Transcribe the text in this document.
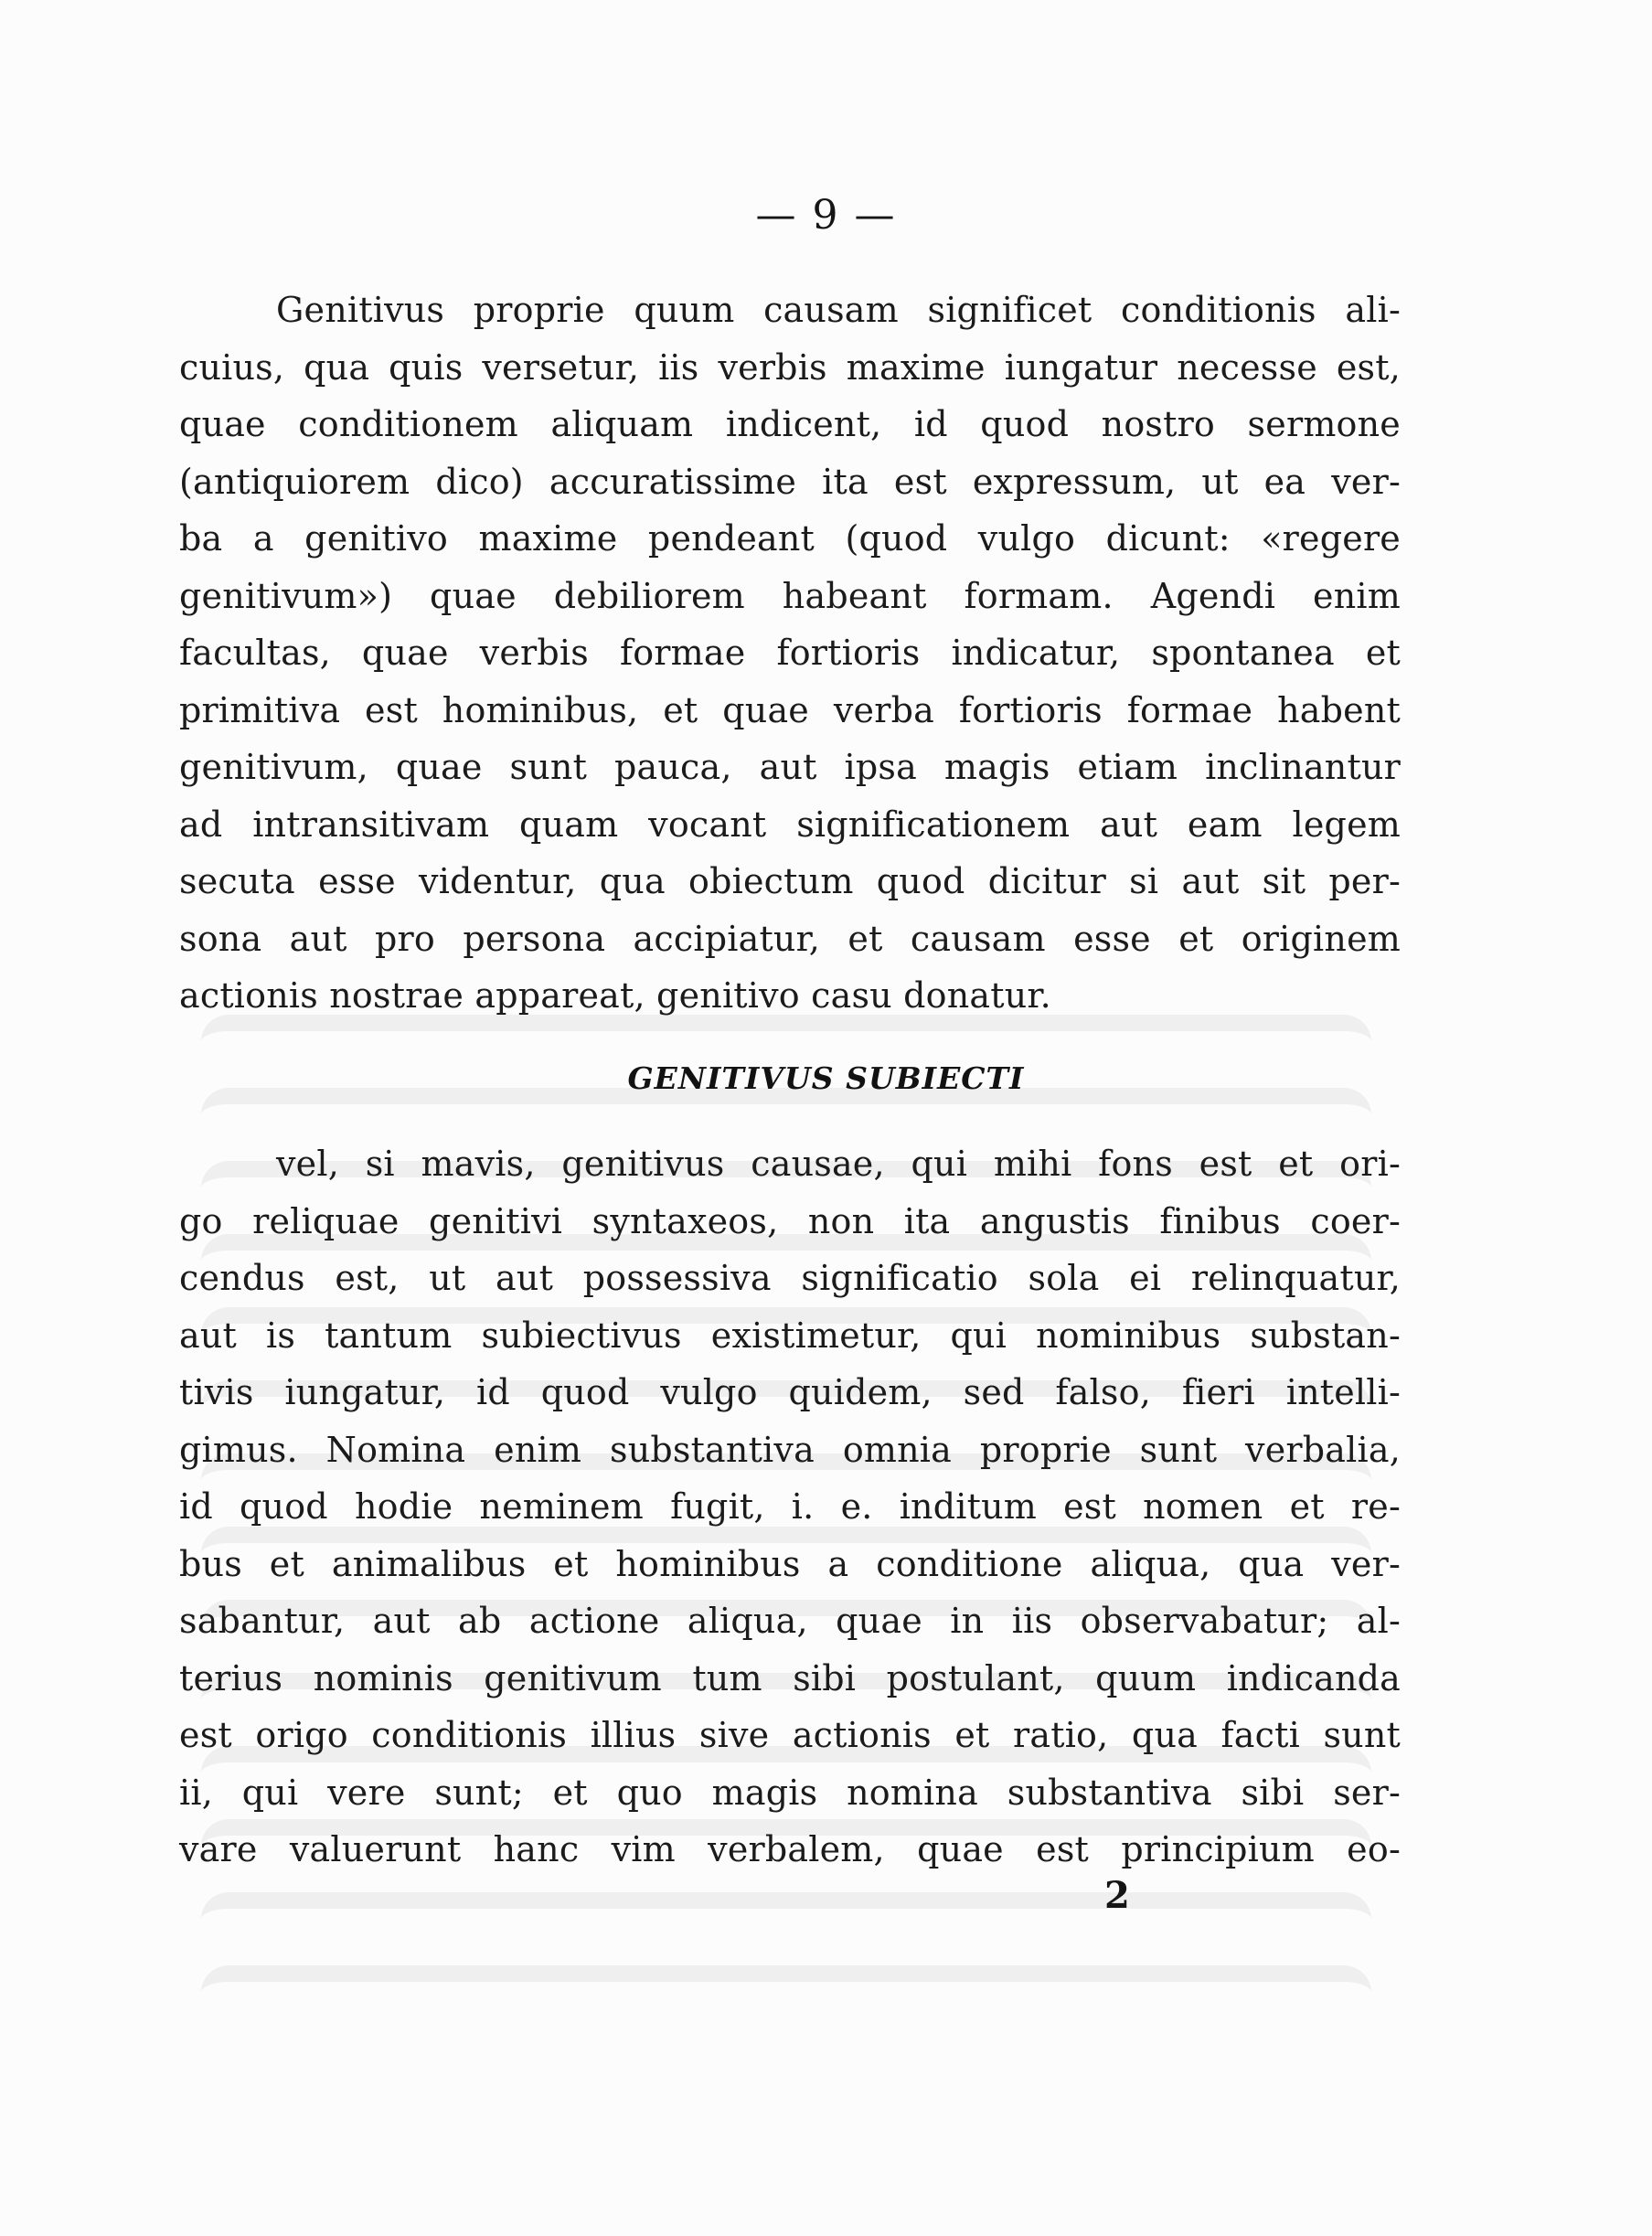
— 9 —
Genitivus proprie quum causam significet conditionis ali-
cuius, qua quis versetur, iis verbis maxime iungatur necesse est,
quae conditionem aliquam indicent, id quod nostro sermone
(antiquiorem dico) accuratissime ita est expressum, ut ea ver-
ba a genitivo maxime pendeant (quod vulgo dicunt: «regere
genitivum») quae debiliorem habeant formam. Agendi enim
facultas, quae verbis formae fortioris indicatur, spontanea et
primitiva est hominibus, et quae verba fortioris formae habent
genitivum, quae sunt pauca, aut ipsa magis etiam inclinantur
ad intransitivam quam vocant significationem aut eam legem
secuta esse videntur, qua obiectum quod dicitur si aut sit per-
sona aut pro persona accipiatur, et causam esse et originem
actionis nostrae appareat, genitivo casu donatur.
GENITIVUS SUBIECTI
vel, si mavis, genitivus causae, qui mihi fons est et ori-
go reliquae genitivi syntaxeos, non ita angustis finibus coer-
cendus est, ut aut possessiva significatio sola ei relinquatur,
aut is tantum subiectivus existimetur, qui nominibus substan-
tivis iungatur, id quod vulgo quidem, sed falso, fieri intelli-
gimus. Nomina enim substantiva omnia proprie sunt verbalia,
id quod hodie neminem fugit, i. e. inditum est nomen et re-
bus et animalibus et hominibus a conditione aliqua, qua ver-
sabantur, aut ab actione aliqua, quae in iis observabatur; al-
terius nominis genitivum tum sibi postulant, quum indicanda
est origo conditionis illius sive actionis et ratio, qua facti sunt
ii, qui vere sunt; et quo magis nomina substantiva sibi ser-
vare valuerunt hanc vim verbalem, quae est principium eo-
2
